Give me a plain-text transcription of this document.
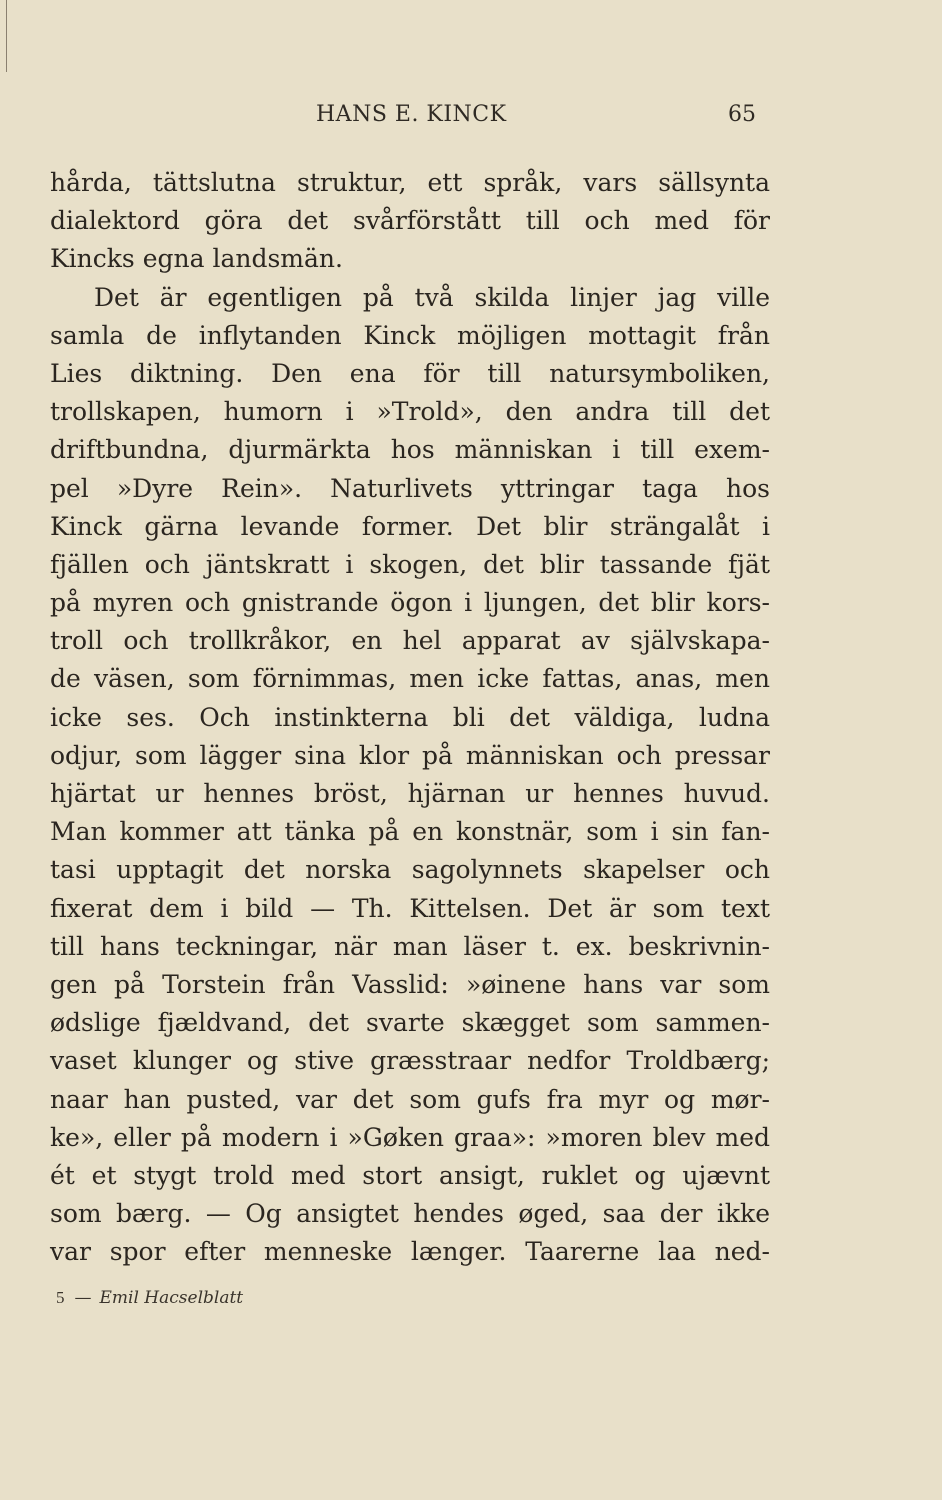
HANS E. KINCK	65
hårda, tättslutna struktur, ett språk, vars sällsynta
dialektord göra det svårförstått till och med för
Kincks egna landsmän.
Det är egentligen på två skilda linjer jag ville
samla de inflytanden Kinck möjligen mottagit från
Lies diktning. Den ena för till natursymboliken,
trollskapen, humorn i »Trold», den andra till det
driftbundna, djurmärkta hos människan i till exem-
pel »Dyre Rein». Naturlivets yttringar taga hos
Kinck gärna levande former. Det blir strängalåt i
fjällen och jäntskratt i skogen, det blir tassande fjät
på myren och gnistrande ögon i ljungen, det blir kors-
troll och trollkråkor, en hel apparat av självskapa-
de väsen, som förnimmas, men icke fattas, anas, men
icke ses. Och instinkterna bli det väldiga, ludna
odjur, som lägger sina klor på människan och pressar
hjärtat ur hennes bröst, hjärnan ur hennes huvud.
Man kommer att tänka på en konstnär, som i sin fan-
tasi upptagit det norska sagolynnets skapelser och
fixerat dem i bild — Th. Kittelsen. Det är som text
till hans teckningar, när man läser t. ex. beskrivnin-
gen på Torstein från Vasslid: »øinene hans var som
ødslige fjældvand, det svarte skægget som sammen-
vaset klunger og stive græsstraar nedfor Troldbærg;
naar han pusted, var det som gufs fra myr og mør-
ke», eller på modern i »Gøken graa»: »moren blev med
ét et stygt trold med stort ansigt, ruklet og ujævnt
som bærg. — Og ansigtet hendes øged, saa der ikke
var spor efter menneske længer. Taarerne laa ned-
5 — Emil Hacselblatt
